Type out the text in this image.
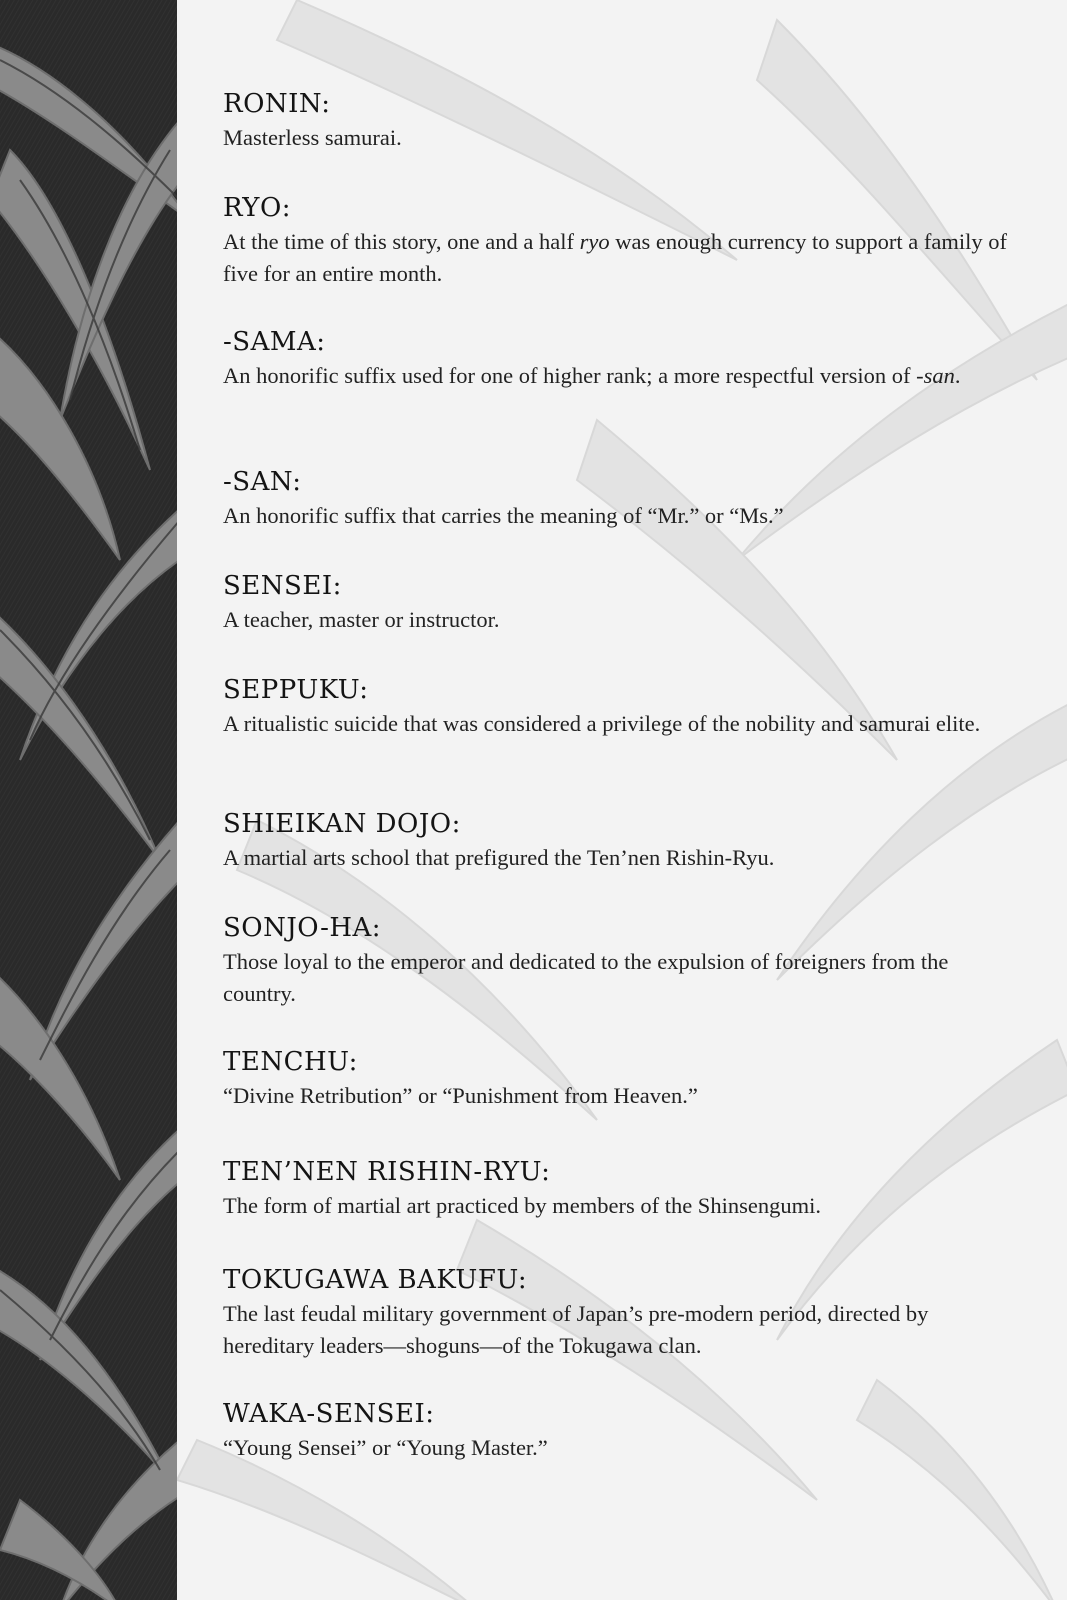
RONIN:
Masterless samurai.
RYO:
At the time of this story, one and a half ryo was enough currency to support a family of five for an entire month.
-SAMA:
An honorific suffix used for one of higher rank; a more respectful version of -san.
-SAN:
An honorific suffix that carries the meaning of “Mr.” or “Ms.”
SENSEI:
A teacher, master or instructor.
SEPPUKU:
A ritualistic suicide that was considered a privilege of the nobility and samurai elite.
SHIEIKAN DOJO:
A martial arts school that prefigured the Ten’nen Rishin-Ryu.
SONJO-HA:
Those loyal to the emperor and dedicated to the expulsion of foreigners from the country.
TENCHU:
“Divine Retribution” or “Punishment from Heaven.”
TEN’NEN RISHIN-RYU:
The form of martial art practiced by members of the Shinsengumi.
TOKUGAWA BAKUFU:
The last feudal military government of Japan’s pre-modern period, directed by hereditary leaders—shoguns—of the Tokugawa clan.
WAKA-SENSEI:
“Young Sensei” or “Young Master.”
